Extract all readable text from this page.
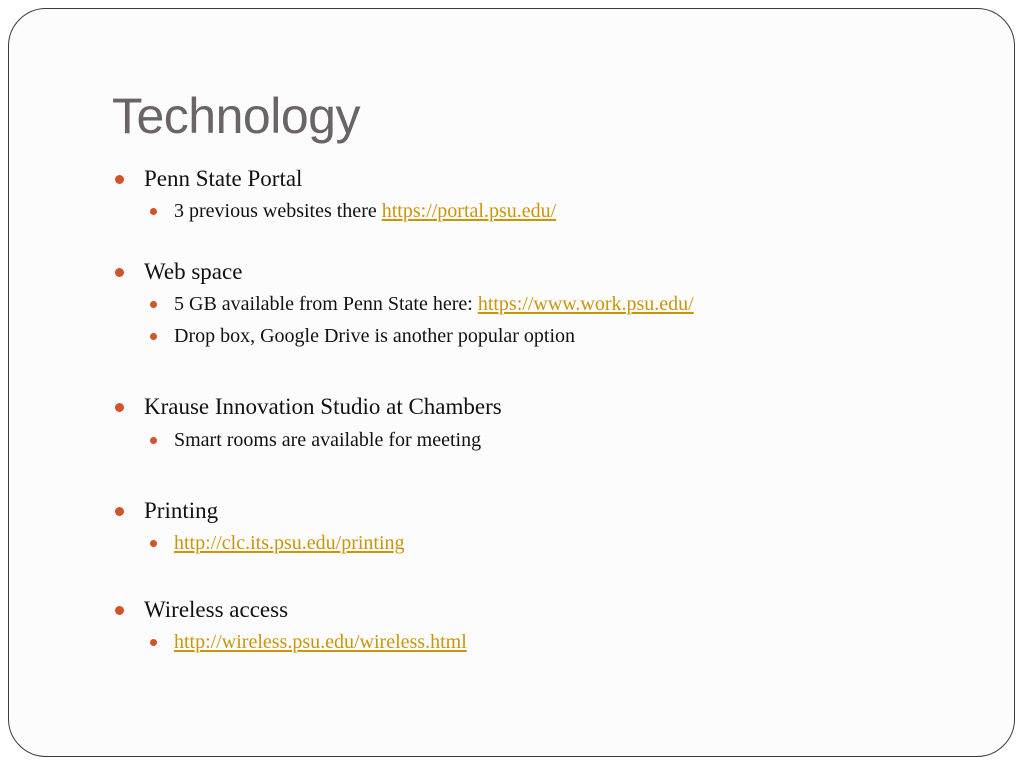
Technology
Penn State Portal
3 previous websites there https://portal.psu.edu/
Web space
5 GB available from Penn State here: https://www.work.psu.edu/
Drop box, Google Drive is another popular option
Krause Innovation Studio at Chambers
Smart rooms are available for meeting
Printing
http://clc.its.psu.edu/printing
Wireless access
http://wireless.psu.edu/wireless.html
